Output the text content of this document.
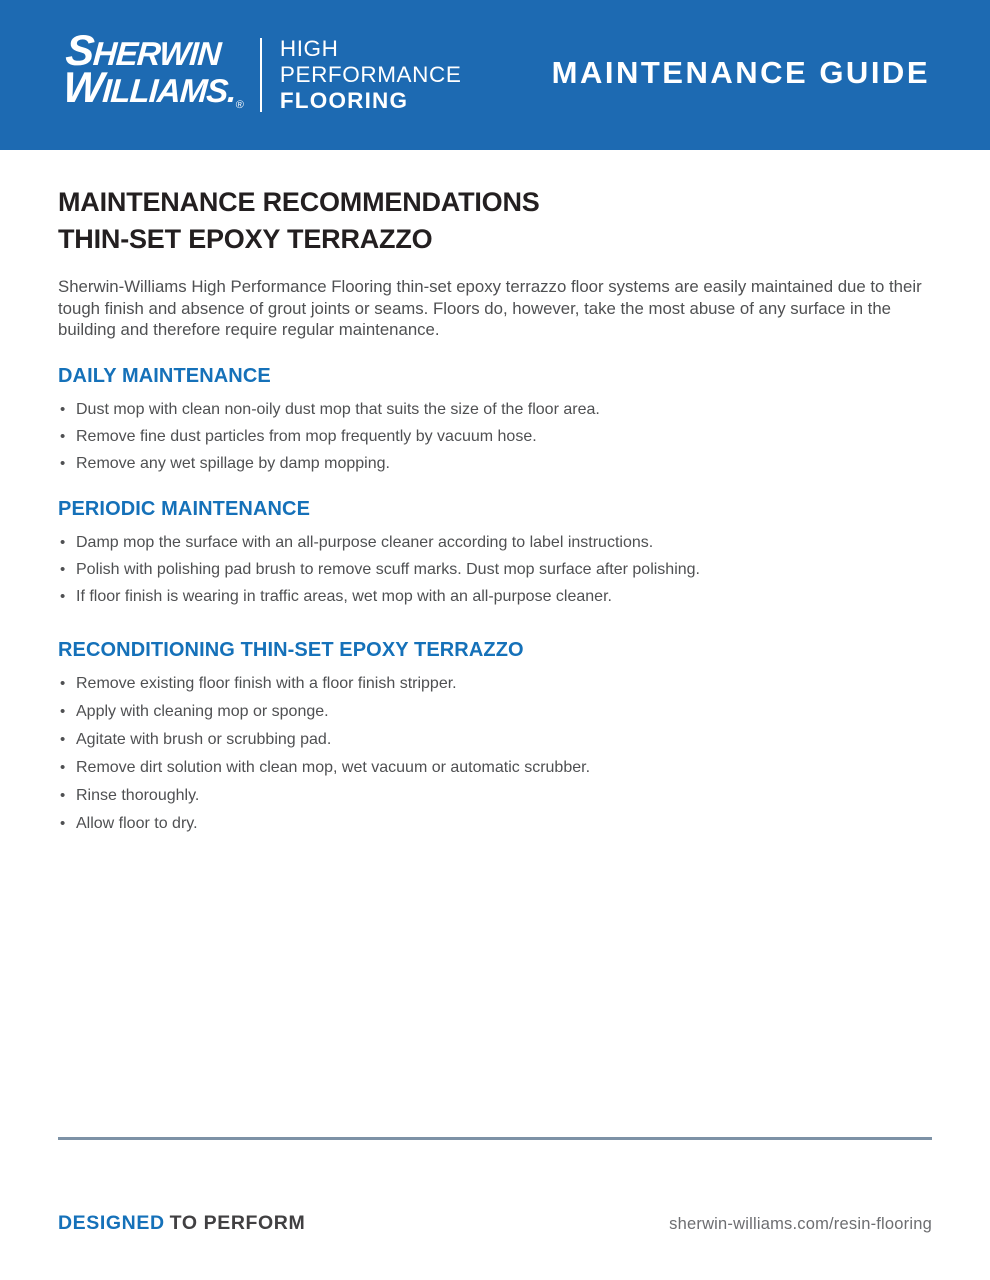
SHERWIN
WILLIAMS.®
HIGH
PERFORMANCE
FLOORING
MAINTENANCE GUIDE
MAINTENANCE RECOMMENDATIONS
THIN-SET EPOXY TERRAZZO

Sherwin-Williams High Performance Flooring thin-set epoxy terrazzo floor systems are easily maintained due to their tough finish and absence of grout joints or seams. Floors do, however, take the most abuse of any surface in the building and therefore require regular maintenance.

DAILY MAINTENANCE
• Dust mop with clean non-oily dust mop that suits the size of the floor area.
• Remove fine dust particles from mop frequently by vacuum hose.
• Remove any wet spillage by damp mopping.
PERIODIC MAINTENANCE
• Damp mop the surface with an all-purpose cleaner according to label instructions.
• Polish with polishing pad brush to remove scuff marks. Dust mop surface after polishing.
• If floor finish is wearing in traffic areas, wet mop with an all-purpose cleaner.
RECONDITIONING THIN-SET EPOXY TERRAZZO
• Remove existing floor finish with a floor finish stripper.
• Apply with cleaning mop or sponge.
• Agitate with brush or scrubbing pad.
• Remove dirt solution with clean mop, wet vacuum or automatic scrubber.
• Rinse thoroughly.
• Allow floor to dry.
DESIGNED TO PERFORM	sherwin-williams.com/resin-flooring
